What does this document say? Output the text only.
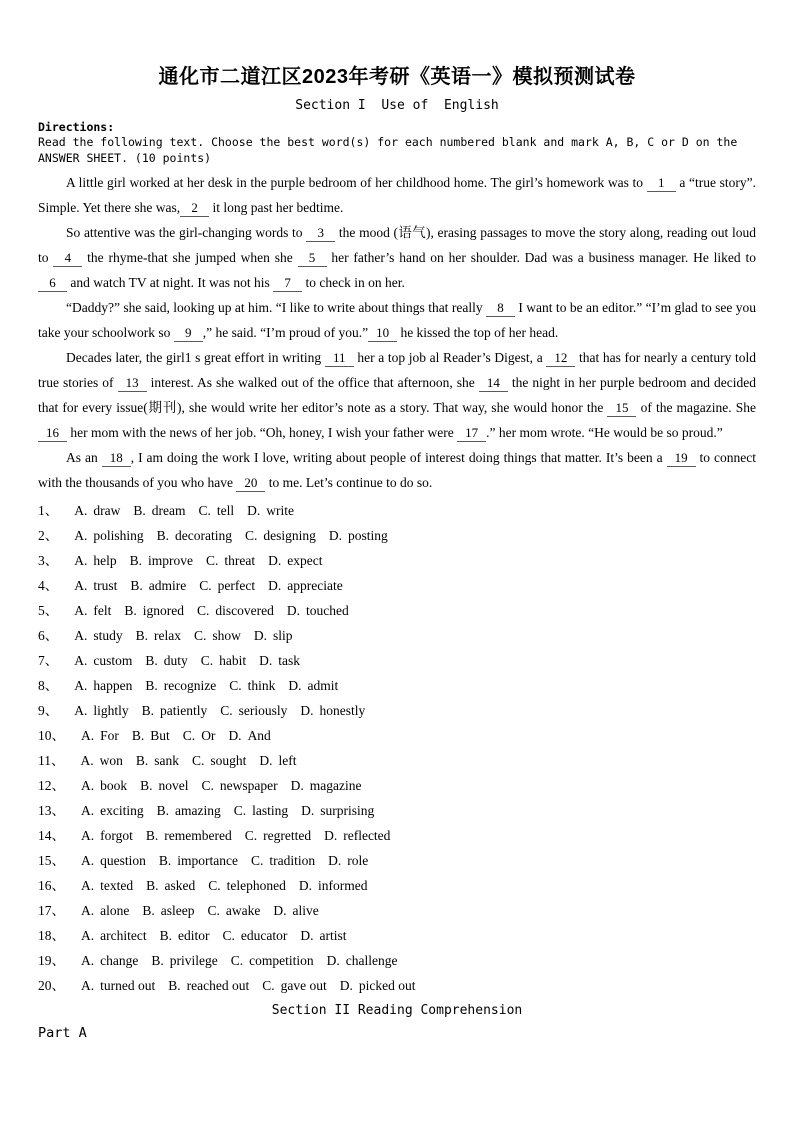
通化市二道江区2023年考研《英语一》模拟预测试卷
Section I  Use of  English
Directions:
Read the following text. Choose the best word(s) for each numbered blank and mark A, B, C or D on the ANSWER SHEET. (10 points)

A little girl worked at her desk in the purple bedroom of her childhood home. The girl’s homework was to 1 a “true story”. Simple. Yet there she was, 2 it long past her bedtime.

So attentive was the girl-changing words to 3 the mood (语气), erasing passages to move the story along, reading out loud to 4 the rhyme-that she jumped when she 5 her father’s hand on her shoulder. Dad was a business manager. He liked to 6 and watch TV at night. It was not his 7 to check in on her.

“Daddy?” she said, looking up at him. “I like to write about things that really 8 I want to be an editor.” “I’m glad to see you take your schoolwork so 9 ,” he said. “I’m proud of you.” 10 he kissed the top of her head.

Decades later, the girl1 s great effort in writing 11 her a top job al Reader’s Digest, a 12 that has for nearly a century told true stories of 13 interest. As she walked out of the office that afternoon, she 14 the night in her purple bedroom and decided that for every issue(期刊), she would write her editor’s note as a story. That way, she would honor the 15 of the magazine. She 16 her mom with the news of her job. “Oh, honey, I wish your father were 17 .” her mom wrote. “He would be so proud.”

As an 18 , I am doing the work I love, writing about people of interest doing things that matter. It’s been a 19 to connect with the thousands of you who have 20 to me. Let’s continue to do so.

1、 A. draw B. dream C. tell D. write
2、 A. polishing B. decorating C. designing D. posting
3、 A. help B. improve C. threat D. expect
4、 A. trust B. admire C. perfect D. appreciate
5、 A. felt B. ignored C. discovered D. touched
6、 A. study B. relax C. show D. slip
7、 A. custom B. duty C. habit D. task
8、 A. happen B. recognize C. think D. admit
9、 A. lightly B. patiently C. seriously D. honestly
10、 A. For B. But C. Or D. And
11、 A. won B. sank C. sought D. left
12、 A. book B. novel C. newspaper D. magazine
13、 A. exciting B. amazing C. lasting D. surprising
14、 A. forgot B. remembered C. regretted D. reflected
15、 A. question B. importance C. tradition D. role
16、 A. texted B. asked C. telephoned D. informed
17、 A. alone B. asleep C. awake D. alive
18、 A. architect B. editor C. educator D. artist
19、 A. change B. privilege C. competition D. challenge
20、 A. turned out B. reached out C. gave out D. picked out
Section II Reading Comprehension
Part A
